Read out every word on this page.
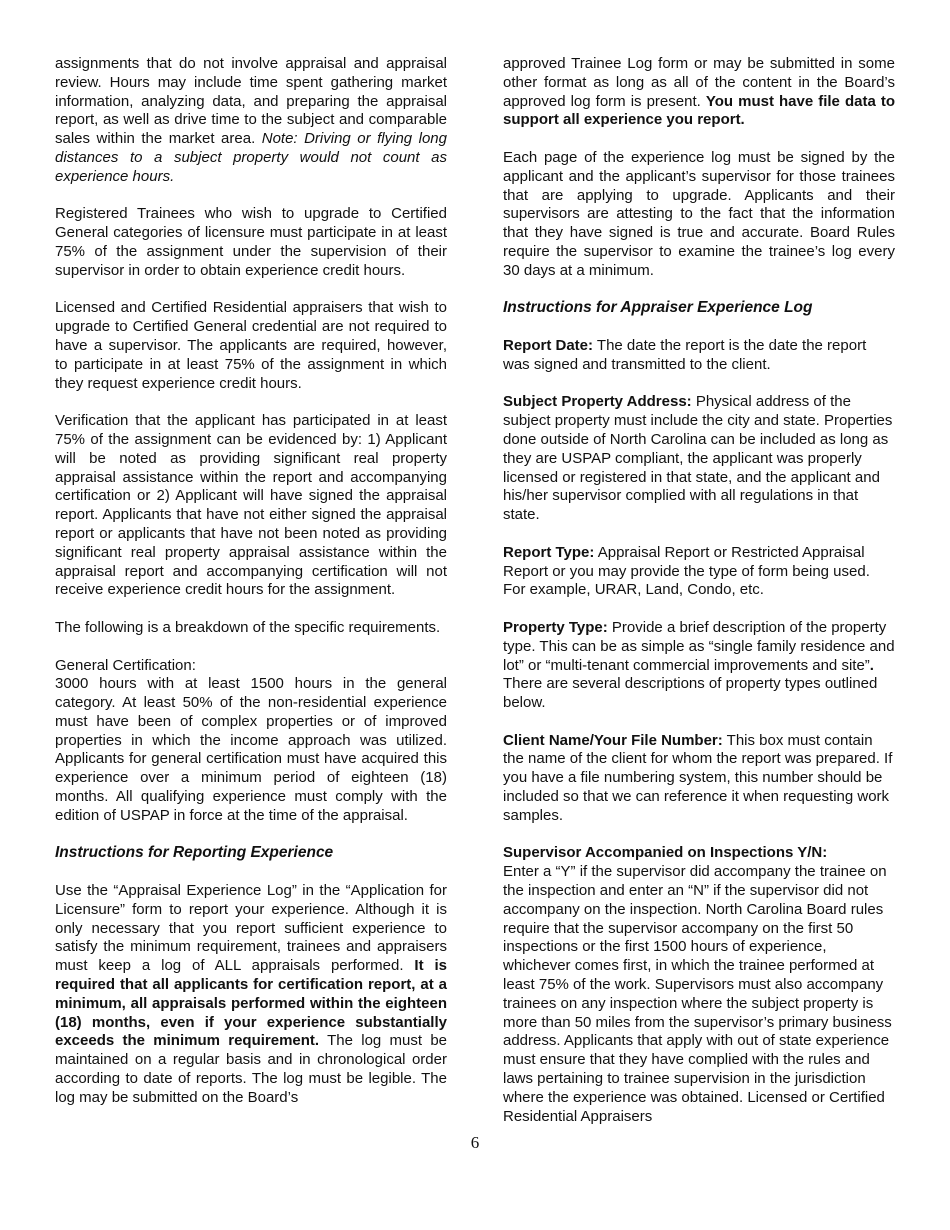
assignments that do not involve appraisal and appraisal review. Hours may include time spent gathering market information, analyzing data, and preparing the appraisal report, as well as drive time to the subject and comparable sales within the market area. Note: Driving or flying long distances to a subject property would not count as experience hours.

Registered Trainees who wish to upgrade to Certified General categories of licensure must participate in at least 75% of the assignment under the supervision of their supervisor in order to obtain experience credit hours.

Licensed and Certified Residential appraisers that wish to upgrade to Certified General credential are not required to have a supervisor. The applicants are required, however, to participate in at least 75% of the assignment in which they request experience credit hours.

Verification that the applicant has participated in at least 75% of the assignment can be evidenced by: 1) Applicant will be noted as providing significant real property appraisal assistance within the report and accompanying certification or 2) Applicant will have signed the appraisal report. Applicants that have not either signed the appraisal report or applicants that have not been noted as providing significant real property appraisal assistance within the appraisal report and accompanying certification will not receive experience credit hours for the assignment.

The following is a breakdown of the specific requirements.

General Certification:
3000 hours with at least 1500 hours in the general category. At least 50% of the non-residential experience must have been of complex properties or of improved properties in which the income approach was utilized. Applicants for general certification must have acquired this experience over a minimum period of eighteen (18) months. All qualifying experience must comply with the edition of USPAP in force at the time of the appraisal.

Instructions for Reporting Experience

Use the “Appraisal Experience Log” in the “Application for Licensure” form to report your experience. Although it is only necessary that you report sufficient experience to satisfy the minimum requirement, trainees and appraisers must keep a log of ALL appraisals performed. It is required that all applicants for certification report, at a minimum, all appraisals performed within the eighteen (18) months, even if your experience substantially exceeds the minimum requirement. The log must be maintained on a regular basis and in chronological order according to date of reports. The log must be legible. The log may be submitted on the Board’s

approved Trainee Log form or may be submitted in some other format as long as all of the content in the Board’s approved log form is present. You must have file data to support all experience you report.

Each page of the experience log must be signed by the applicant and the applicant’s supervisor for those trainees that are applying to upgrade. Applicants and their supervisors are attesting to the fact that the information that they have signed is true and accurate. Board Rules require the supervisor to examine the trainee’s log every 30 days at a minimum.

Instructions for Appraiser Experience Log

Report Date: The date the report is the date the report was signed and transmitted to the client.

Subject Property Address: Physical address of the subject property must include the city and state. Properties done outside of North Carolina can be included as long as they are USPAP compliant, the applicant was properly licensed or registered in that state, and the applicant and his/her supervisor complied with all regulations in that state.

Report Type: Appraisal Report or Restricted Appraisal Report or you may provide the type of form being used. For example, URAR, Land, Condo, etc.

Property Type: Provide a brief description of the property type. This can be as simple as “single family residence and lot” or “multi-tenant commercial improvements and site”. There are several descriptions of property types outlined below.

Client Name/Your File Number: This box must contain the name of the client for whom the report was prepared. If you have a file numbering system, this number should be included so that we can reference it when requesting work samples.

Supervisor Accompanied on Inspections Y/N:
Enter a “Y” if the supervisor did accompany the trainee on the inspection and enter an “N” if the supervisor did not accompany on the inspection. North Carolina Board rules require that the supervisor accompany on the first 50 inspections or the first 1500 hours of experience, whichever comes first, in which the trainee performed at least 75% of the work. Supervisors must also accompany trainees on any inspection where the subject property is more than 50 miles from the supervisor’s primary business address. Applicants that apply with out of state experience must ensure that they have complied with the rules and laws pertaining to trainee supervision in the jurisdiction where the experience was obtained. Licensed or Certified Residential Appraisers

6
